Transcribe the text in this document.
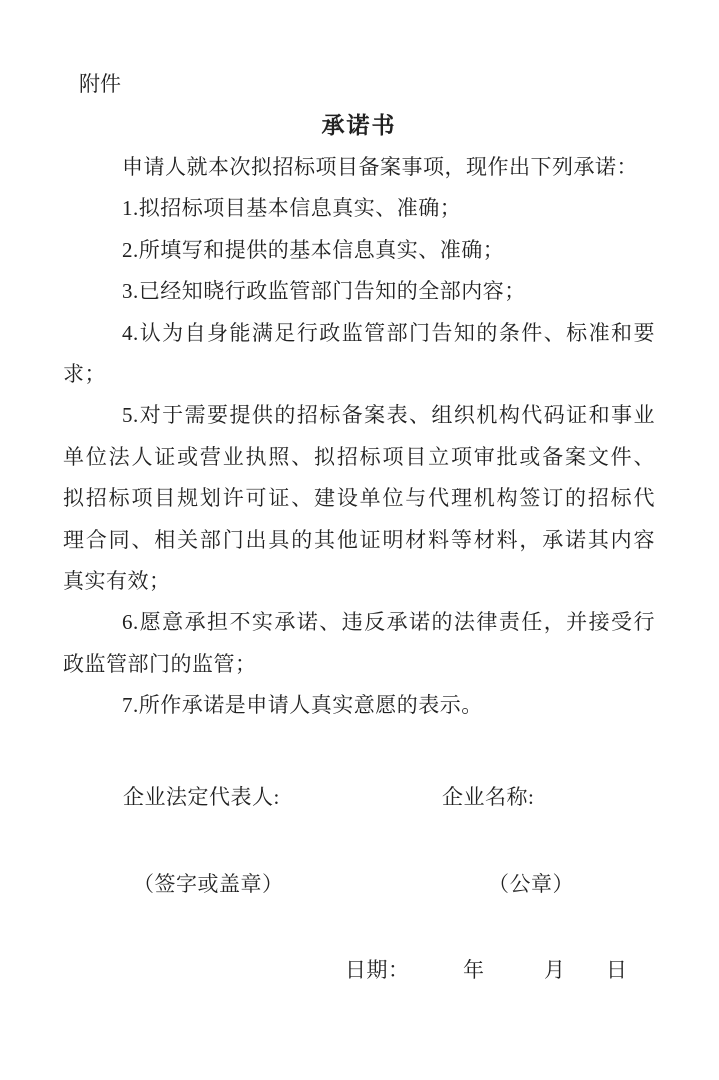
附件
承诺书
申请人就本次拟招标项目备案事项，现作出下列承诺：
1.拟招标项目基本信息真实、准确；
2.所填写和提供的基本信息真实、准确；
3.已经知晓行政监管部门告知的全部内容；
4.认为自身能满足行政监管部门告知的条件、标准和要
求；
5.对于需要提供的招标备案表、组织机构代码证和事业
单位法人证或营业执照、拟招标项目立项审批或备案文件、
拟招标项目规划许可证、建设单位与代理机构签订的招标代
理合同、相关部门出具的其他证明材料等材料，承诺其内容
真实有效；
6.愿意承担不实承诺、违反承诺的法律责任，并接受行
政监管部门的监管；
7.所作承诺是申请人真实意愿的表示。
企业法定代表人:	企业名称:
（签字或盖章）	（公章）
日期：	年	月 日
